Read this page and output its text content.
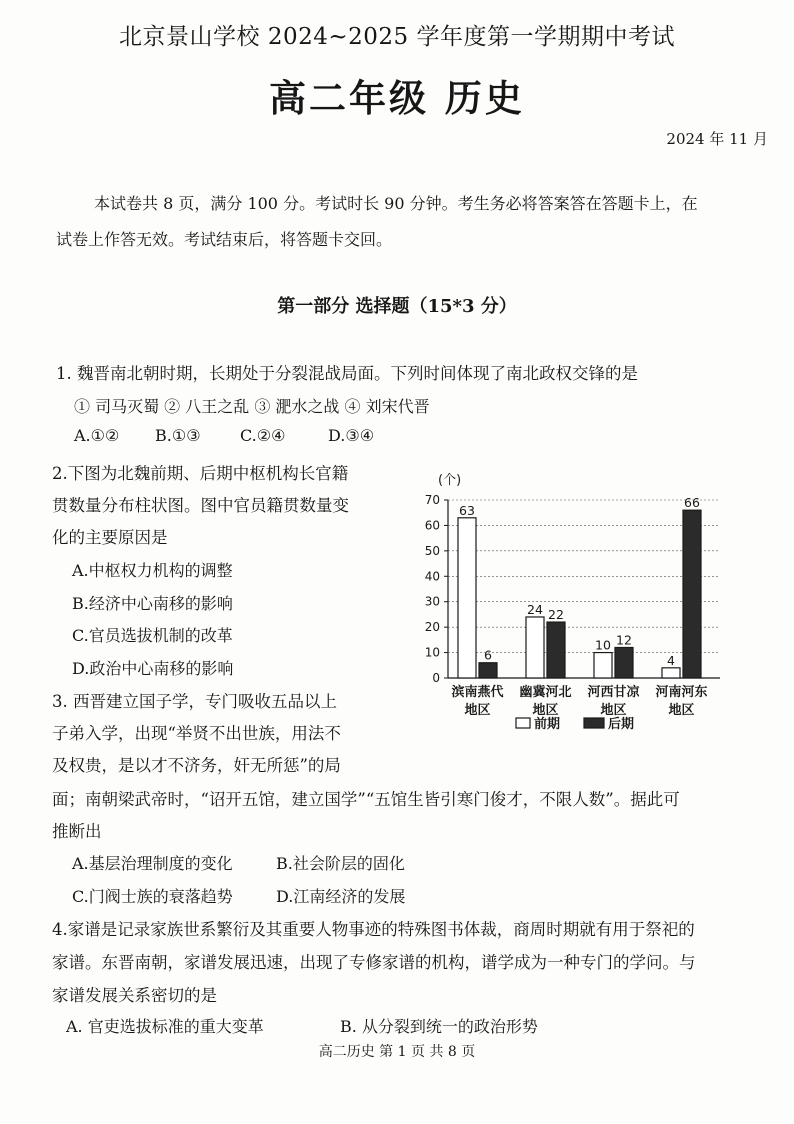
北京景山学校 2024~2025 学年度第一学期期中考试
高二年级 历史
2024 年 11 月
本试卷共 8 页，满分 100 分。考试时长 90 分钟。考生务必将答案答在答题卡上，在
试卷上作答无效。考试结束后，将答题卡交回。
第一部分 选择题（15*3 分）
1. 魏晋南北朝时期，长期处于分裂混战局面。下列时间体现了南北政权交锋的是
① 司马灭蜀 ② 八王之乱 ③ 淝水之战 ④ 刘宋代晋
A.①② B.①③ C.②④	D.③④
2.下图为北魏前期、后期中枢机构长官籍
贯数量分布柱状图。图中官员籍贯数量变
化的主要原因是
A.中枢权力机构的调整
B.经济中心南移的影响
C.官员选拔机制的改革
D.政治中心南移的影响
(个)
0
10
20
30
40
50
60
70
63
6
滨南燕代
地区
24 22
幽冀河北
地区
10 12
河西甘凉
地区
4
66
河南河东
地区
前期	后期
3. 西晋建立国子学，专门吸收五品以上
子弟入学，出现“举贤不出世族，用法不
及权贵，是以才不济务，奸无所惩”的局
面；南朝梁武帝时，“诏开五馆，建立国学”“五馆生皆引寒门俊才，不限人数”。据此可
推断出
A.基层治理制度的变化	B.社会阶层的固化
C.门阀士族的衰落趋势	D.江南经济的发展
4.家谱是记录家族世系繁衍及其重要人物事迹的特殊图书体裁，商周时期就有用于祭祀的
家谱。东晋南朝，家谱发展迅速，出现了专修家谱的机构，谱学成为一种专门的学问。与
家谱发展关系密切的是
A. 官吏选拔标准的重大变革	B. 从分裂到统一的政治形势
高二历史 第 1 页 共 8 页
